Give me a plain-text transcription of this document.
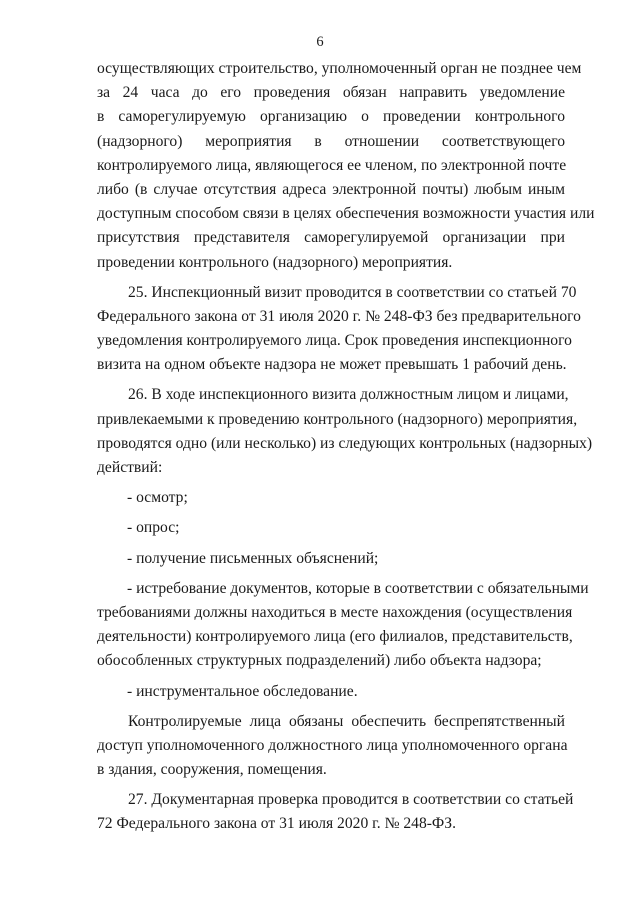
6
осуществляющих строительство, уполномоченный орган не позднее чем
за 24 часа до его проведения обязан направить уведомление
в саморегулируемую организацию о проведении контрольного
(надзорного) мероприятия в отношении соответствующего
контролируемого лица, являющегося ее членом, по электронной почте
либо (в случае отсутствия адреса электронной почты) любым иным
доступным способом связи в целях обеспечения возможности участия или
присутствия представителя саморегулируемой организации при
проведении контрольного (надзорного) мероприятия.
25. Инспекционный визит проводится в соответствии со статьей 70
Федерального закона от 31 июля 2020 г. № 248-ФЗ без предварительного
уведомления контролируемого лица. Срок проведения инспекционного
визита на одном объекте надзора не может превышать 1 рабочий день.
26. В ходе инспекционного визита должностным лицом и лицами,
привлекаемыми к проведению контрольного (надзорного) мероприятия,
проводятся одно (или несколько) из следующих контрольных (надзорных)
действий:
- осмотр;
- опрос;
- получение письменных объяснений;
- истребование документов, которые в соответствии с обязательными
требованиями должны находиться в месте нахождения (осуществления
деятельности) контролируемого лица (его филиалов, представительств,
обособленных структурных подразделений) либо объекта надзора;
- инструментальное обследование.
Контролируемые лица обязаны обеспечить беспрепятственный
доступ уполномоченного должностного лица уполномоченного органа
в здания, сооружения, помещения.
27. Документарная проверка проводится в соответствии со статьей
72 Федерального закона от 31 июля 2020 г. № 248-ФЗ.
